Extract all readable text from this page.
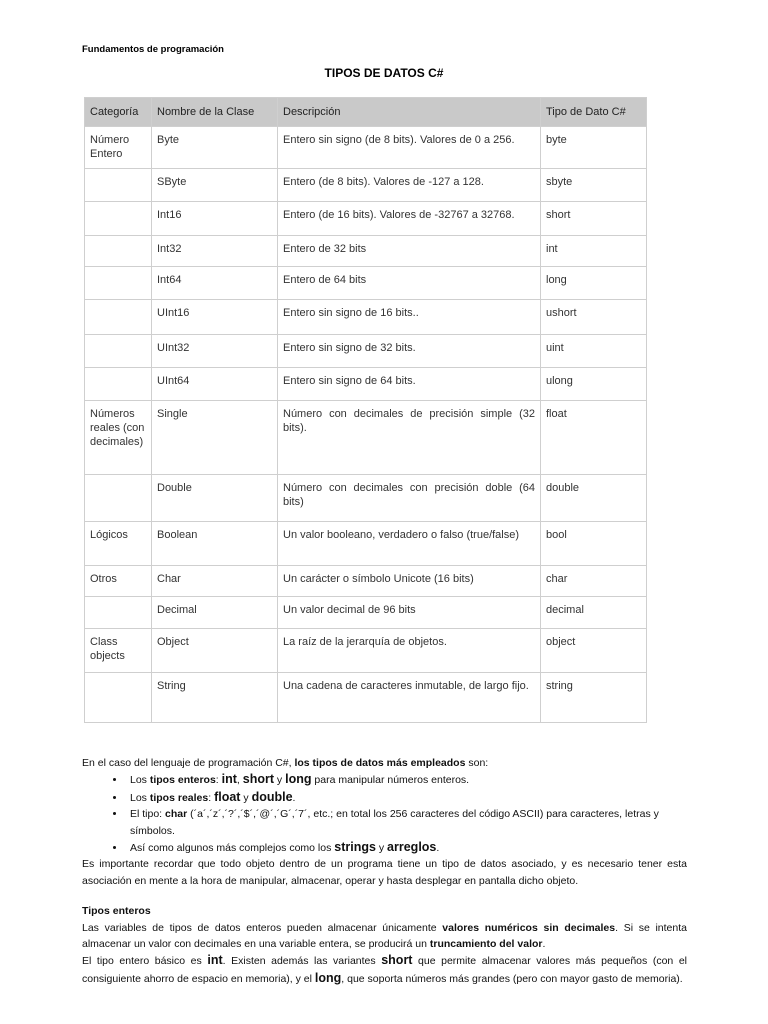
Fundamentos de programación
TIPOS DE DATOS C#
Categoría	Nombre de la Clase	Descripción	Tipo de Dato C#
Número Entero	Byte	Entero sin signo (de 8 bits). Valores de 0 a 256.	byte
	SByte	Entero (de 8 bits). Valores de -127 a 128.	sbyte
	Int16	Entero (de 16 bits). Valores de -32767 a 32768.	short
	Int32	Entero de 32 bits	int
	Int64	Entero de 64 bits	long
	UInt16	Entero sin signo de 16 bits..	ushort
	UInt32	Entero sin signo de 32 bits.	uint
	UInt64	Entero sin signo de 64 bits.	ulong
Números reales (con decimales)	Single	Número con decimales de precisión simple (32 bits).	float
	Double	Número con decimales con precisión doble (64 bits)	double
Lógicos	Boolean	Un valor booleano, verdadero o falso (true/false)	bool
Otros	Char	Un carácter o símbolo Unicote (16 bits)	char
	Decimal	Un valor decimal de 96 bits	decimal
Class objects	Object	La raíz de la jerarquía de objetos.	object
	String	Una cadena de caracteres inmutable, de largo fijo.	string

En el caso del lenguaje de programación C#, los tipos de datos más empleados son:

• Los tipos enteros: int, short y long para manipular números enteros.
• Los tipos reales: float y double.
• El tipo: char (´a´,´z´,´?´,´$´,´@´,´G´,´7´, etc.; en total los 256 caracteres del código ASCII) para caracteres, letras y símbolos.
• Así como algunos más complejos como los strings y arreglos.

Es importante recordar que todo objeto dentro de un programa tiene un tipo de datos asociado, y es necesario tener esta asociación en mente a la hora de manipular, almacenar, operar y hasta desplegar en pantalla dicho objeto.

Tipos enteros

Las variables de tipos de datos enteros pueden almacenar únicamente valores numéricos sin decimales. Si se intenta almacenar un valor con decimales en una variable entera, se producirá un truncamiento del valor.

El tipo entero básico es int. Existen además las variantes short que permite almacenar valores más pequeños (con el consiguiente ahorro de espacio en memoria), y el long, que soporta números más grandes (pero con mayor gasto de memoria).
